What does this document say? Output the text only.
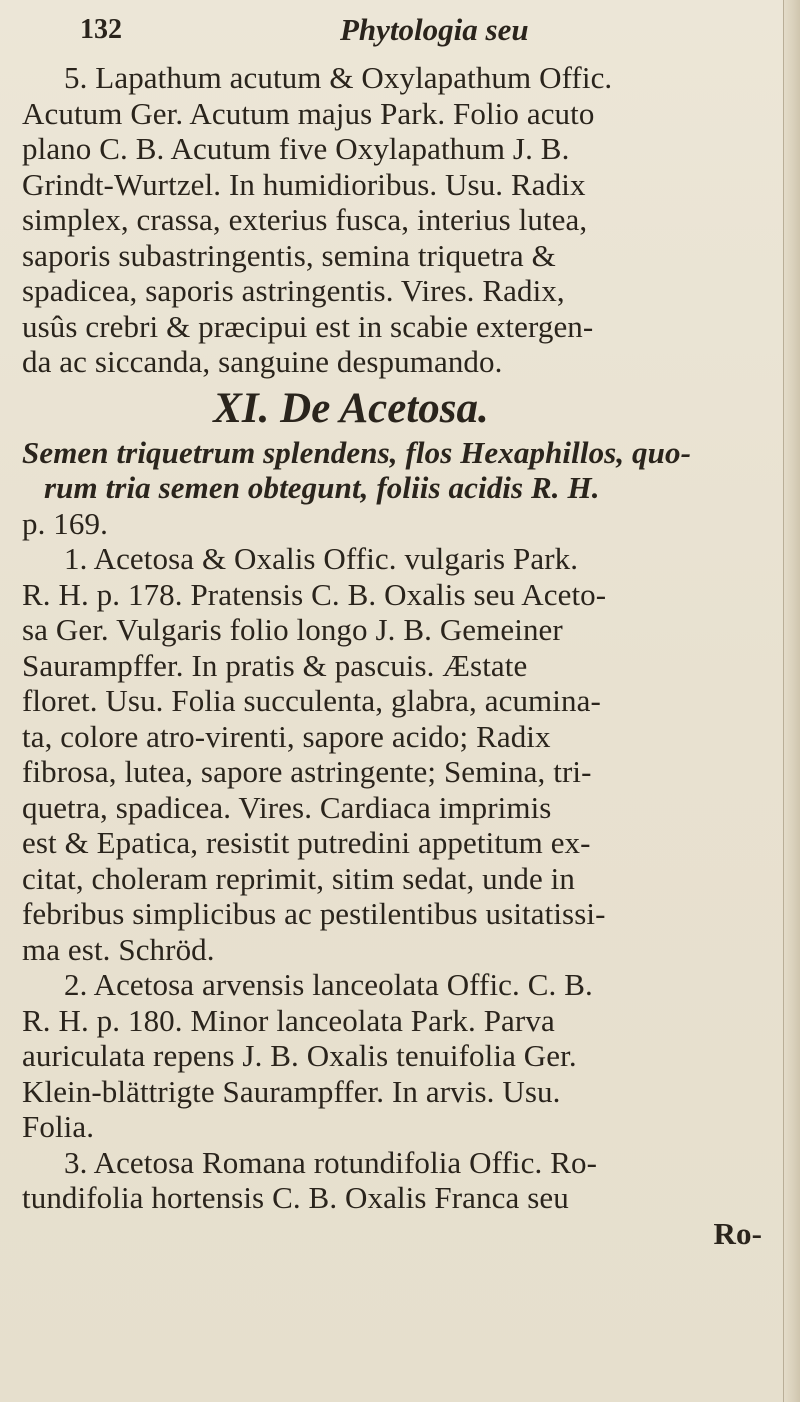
132	Phytologia seu
5. Lapathum acutum & Oxylapathum Offic.
Acutum Ger. Acutum majus Park. Folio acuto
plano C. B. Acutum five Oxylapathum J. B.
Grindt-Wurtzel. In humidioribus. Usu. Radix
simplex, crassa, exterius fusca, interius lutea,
saporis subastringentis, semina triquetra &
spadicea, saporis astringentis. Vires. Radix,
usûs crebri & præcipui est in scabie extergen-
da ac siccanda, sanguine despumando.
XI. De Acetosa.
Semen triquetrum splendens, flos Hexaphillos, quo-
rum tria semen obtegunt, foliis acidis R. H.
p. 169.
1. Acetosa & Oxalis Offic. vulgaris Park.
R. H. p. 178. Pratensis C. B. Oxalis seu Aceto-
sa Ger. Vulgaris folio longo J. B. Gemeiner
Saurampffer. In pratis & pascuis. Æstate
floret. Usu. Folia succulenta, glabra, acumina-
ta, colore atro-virenti, sapore acido; Radix
fibrosa, lutea, sapore astringente; Semina, tri-
quetra, spadicea. Vires. Cardiaca imprimis
est & Epatica, resistit putredini appetitum ex-
citat, choleram reprimit, sitim sedat, unde in
febribus simplicibus ac pestilentibus usitatissi-
ma est. Schröd.
2. Acetosa arvensis lanceolata Offic. C. B.
R. H. p. 180. Minor lanceolata Park. Parva
auriculata repens J. B. Oxalis tenuifolia Ger.
Klein-blättrigte Saurampffer. In arvis. Usu.
Folia.
3. Acetosa Romana rotundifolia Offic. Ro-
tundifolia hortensis C. B. Oxalis Franca seu
Ro-
